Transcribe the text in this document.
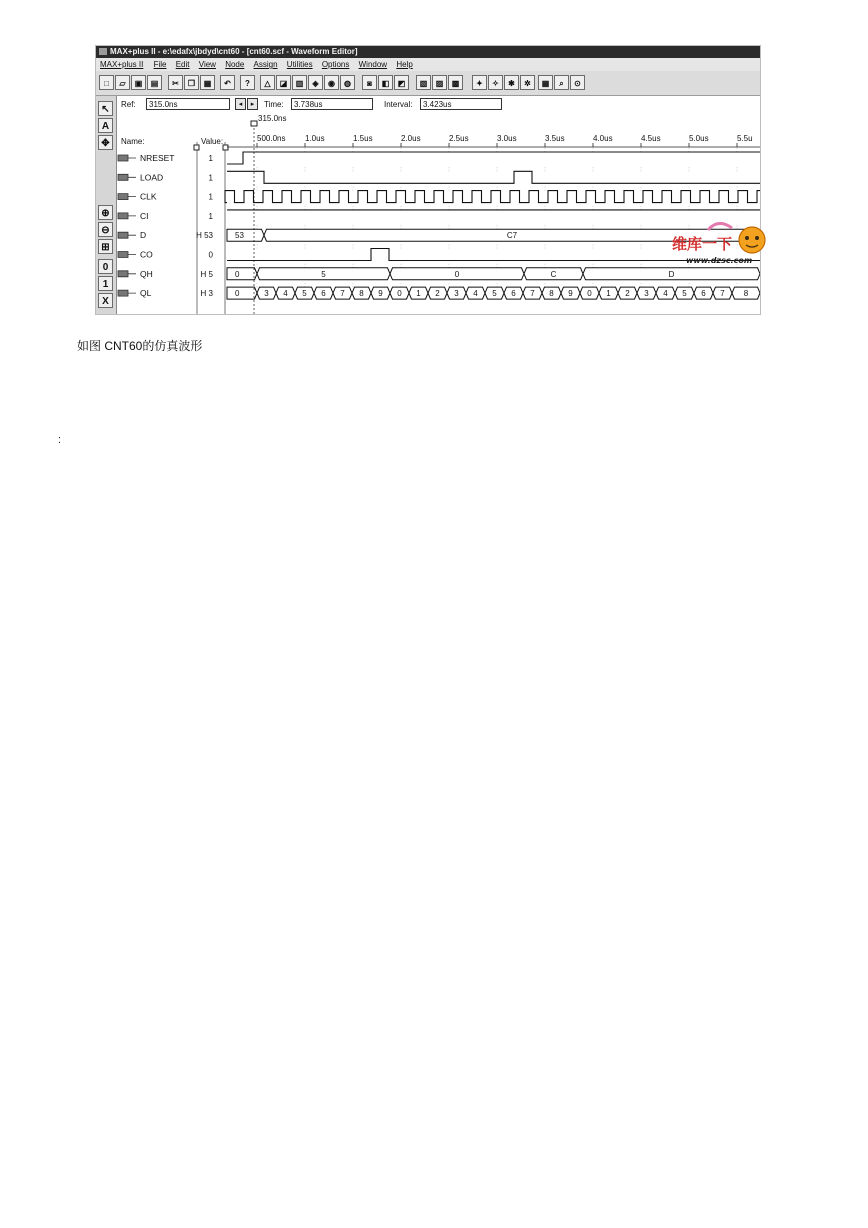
MAX+plus II - e:\edafx\jbdyd\cnt60 - [cnt60.scf - Waveform Editor]
MAX+plus II File Edit View Node Assign Utilities Options Window Help
□	▱	▣	▤	✂	❐	▦	↶	?	△	◪	▥	◈	◉	◍	◙	◧	◩	▧	▨	▩	✦	✧	✱	✲	▦	⌕	⊙
↖
A
✥
⊕
⊖
⊞
0
1
X
Ref:	315.0ns	◂	▸	Time:	3.738us	Interval:	3.423us
315.0ns
Name:	Value:	500.0ns 1.0us	1.5us	2.0us	2.5us	3.0us	3.5us	4.0us	4.5us	5.0us	5.5u
NRESET	1
LOAD	1
CLK	1
CI	1
D	H 53	53	C7
CO	0
QH	H 5	0	5	0	C	D
QL	H 3	0	3 4 5 6 7 8 9 0 1 2 3 4 5 6 7 8 9 0 1 2 3 4 5 6 7 8
维库一下
www.dzsc.com
如图 CNT60的仿真波形
:
